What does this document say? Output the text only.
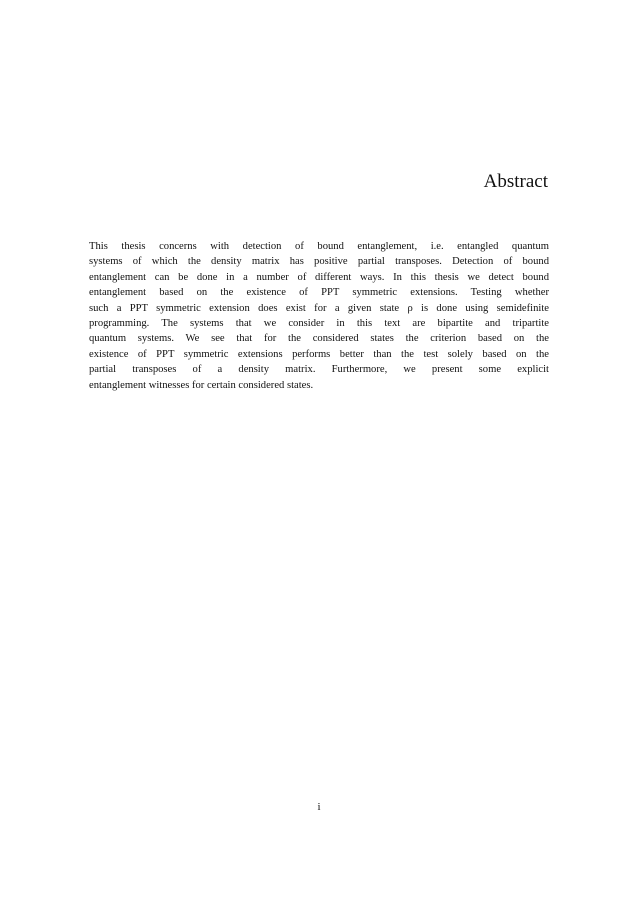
Abstract
This thesis concerns with detection of bound entanglement, i.e. entangled quantum
systems of which the density matrix has positive partial transposes. Detection of bound
entanglement can be done in a number of different ways. In this thesis we detect bound
entanglement based on the existence of PPT symmetric extensions. Testing whether
such a PPT symmetric extension does exist for a given state ρ is done using semidefinite
programming. The systems that we consider in this text are bipartite and tripartite
quantum systems. We see that for the considered states the criterion based on the
existence of PPT symmetric extensions performs better than the test solely based on the
partial transposes of a density matrix. Furthermore, we present some explicit
entanglement witnesses for certain considered states.
i
